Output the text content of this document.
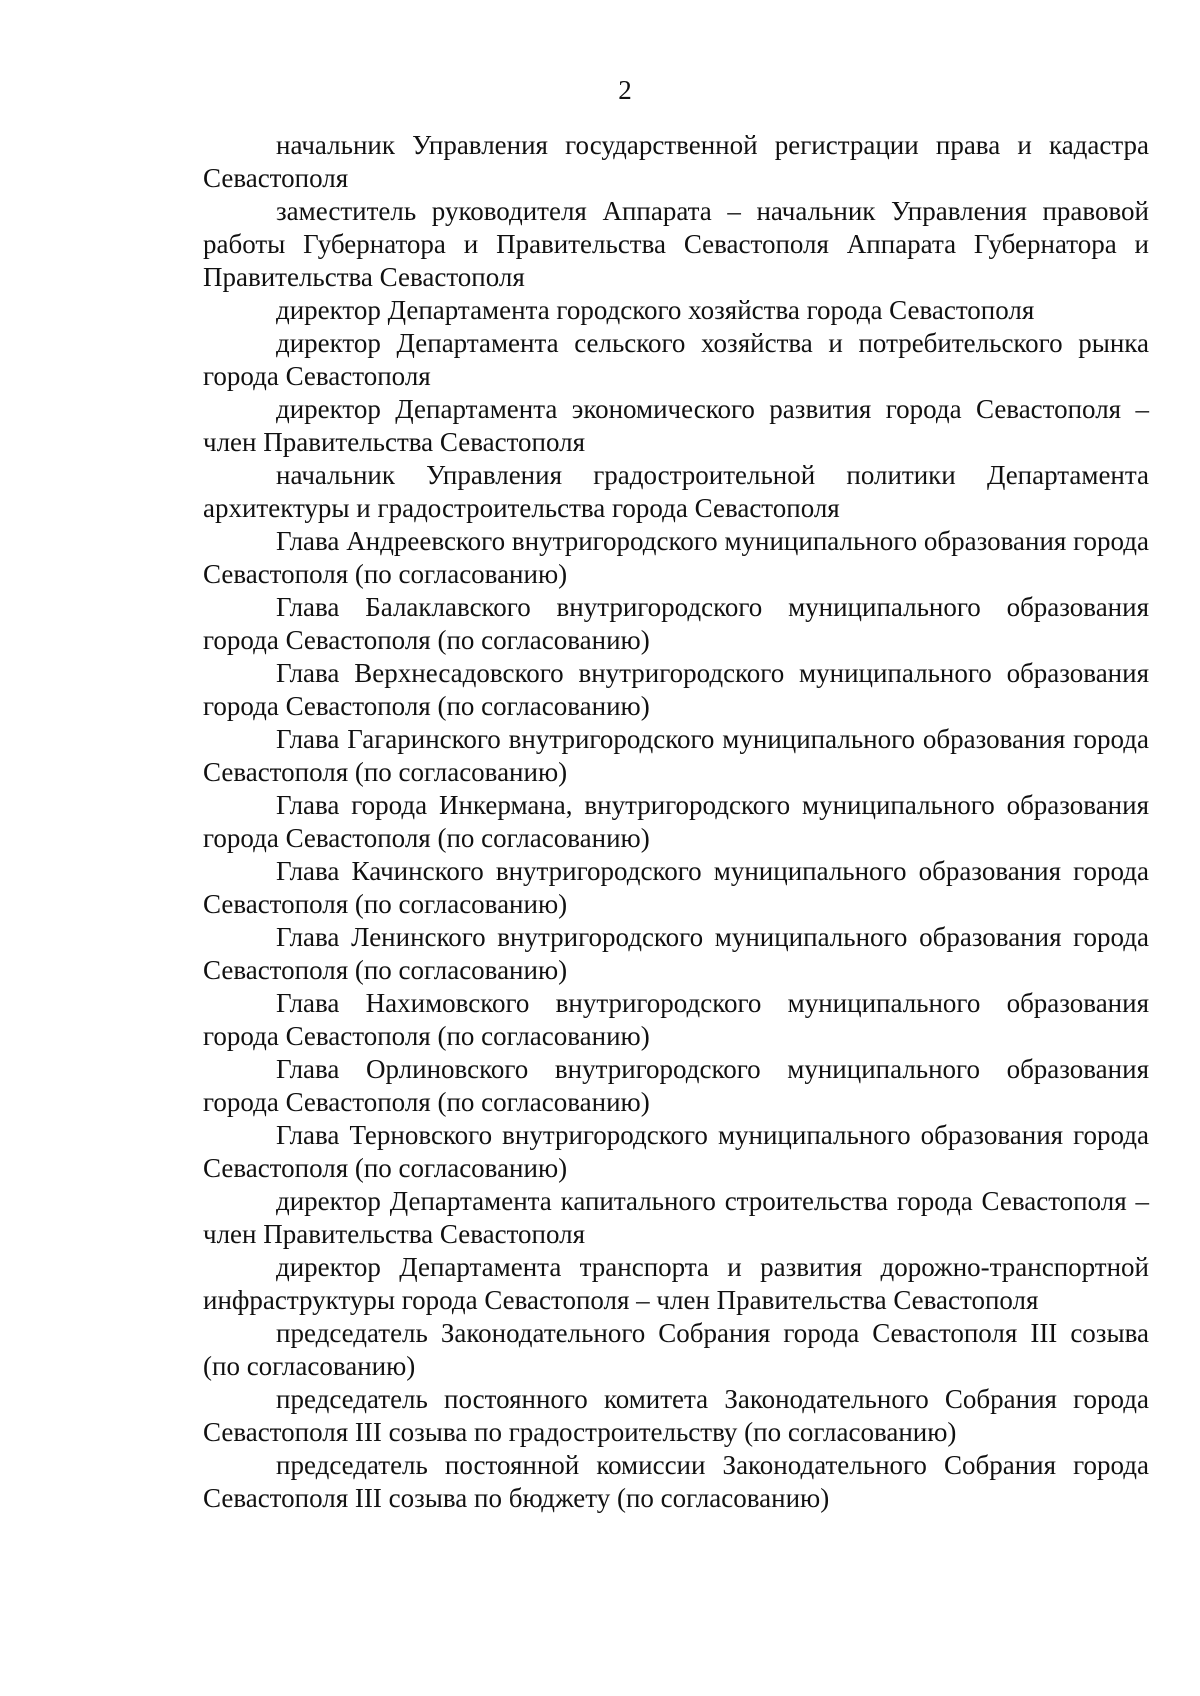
2

начальник Управления государственной регистрации права и кадастра Севастополя

заместитель руководителя Аппарата – начальник Управления правовой работы Губернатора и Правительства Севастополя Аппарата Губернатора и Правительства Севастополя

директор Департамента городского хозяйства города Севастополя

директор Департамента сельского хозяйства и потребительского рынка города Севастополя

директор Департамента экономического развития города Севастополя – член Правительства Севастополя

начальник Управления градостроительной политики Департамента архитектуры и градостроительства города Севастополя

Глава Андреевского внутригородского муниципального образования города Севастополя (по согласованию)

Глава Балаклавского внутригородского муниципального образования города Севастополя (по согласованию)

Глава Верхнесадовского внутригородского муниципального образования города Севастополя (по согласованию)

Глава Гагаринского внутригородского муниципального образования города Севастополя (по согласованию)

Глава города Инкермана, внутригородского муниципального образования города Севастополя (по согласованию)

Глава Качинского внутригородского муниципального образования города Севастополя (по согласованию)

Глава Ленинского внутригородского муниципального образования города Севастополя (по согласованию)

Глава Нахимовского внутригородского муниципального образования города Севастополя (по согласованию)

Глава Орлиновского внутригородского муниципального образования города Севастополя (по согласованию)

Глава Терновского внутригородского муниципального образования города Севастополя (по согласованию)

директор Департамента капитального строительства города Севастополя – член Правительства Севастополя

директор Департамента транспорта и развития дорожно-транспортной инфраструктуры города Севастополя – член Правительства Севастополя

председатель Законодательного Собрания города Севастополя III созыва (по согласованию)

председатель постоянного комитета Законодательного Собрания города Севастополя III созыва по градостроительству (по согласованию)

председатель постоянной комиссии Законодательного Собрания города Севастополя III созыва по бюджету (по согласованию)
